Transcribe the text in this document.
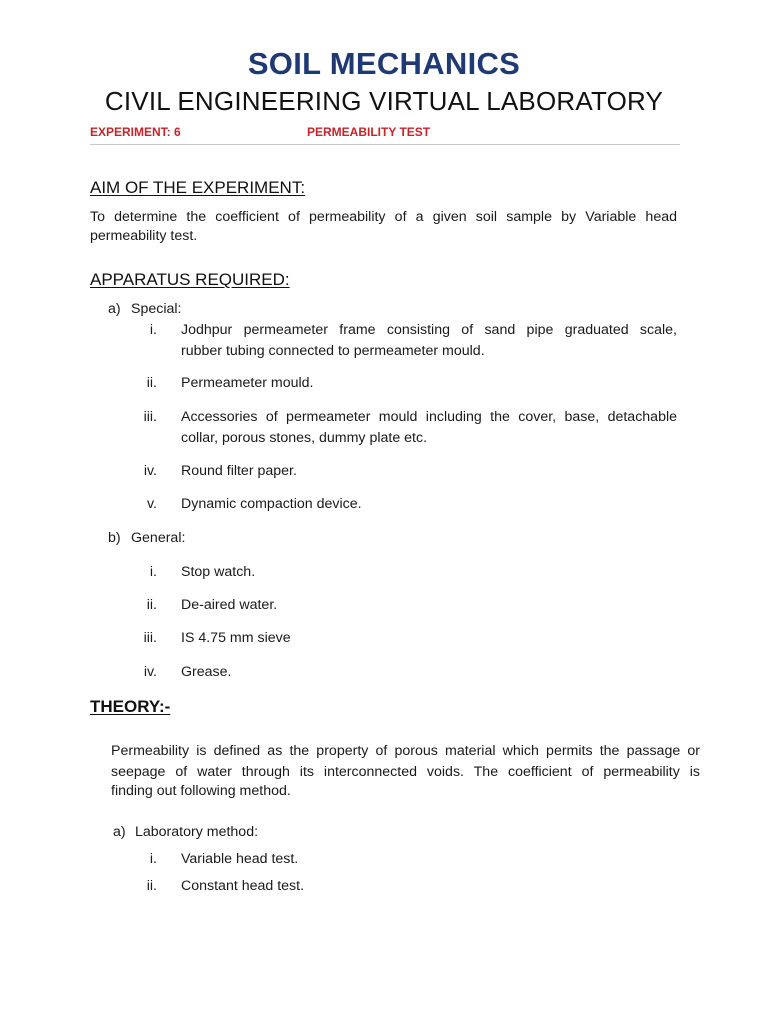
SOIL MECHANICS
CIVIL ENGINEERING VIRTUAL LABORATORY
EXPERIMENT: 6	PERMEABILITY TEST
AIM OF THE EXPERIMENT:
To determine the coefficient of permeability of a given soil sample by Variable head
permeability test.
APPARATUS REQUIRED:
a) Special:
i. Jodhpur permeameter frame consisting of sand pipe graduated scale,
rubber tubing connected to permeameter mould.
ii. Permeameter mould.
iii. Accessories of permeameter mould including the cover, base, detachable
collar, porous stones, dummy plate etc.
iv. Round filter paper.
v. Dynamic compaction device.
b) General:
i. Stop watch.
ii. De-aired water.
iii. IS 4.75 mm sieve
iv. Grease.
THEORY:-
Permeability is defined as the property of porous material which permits the passage or
seepage of water through its interconnected voids. The coefficient of permeability is
finding out following method.
a) Laboratory method:
i. Variable head test.
ii. Constant head test.
